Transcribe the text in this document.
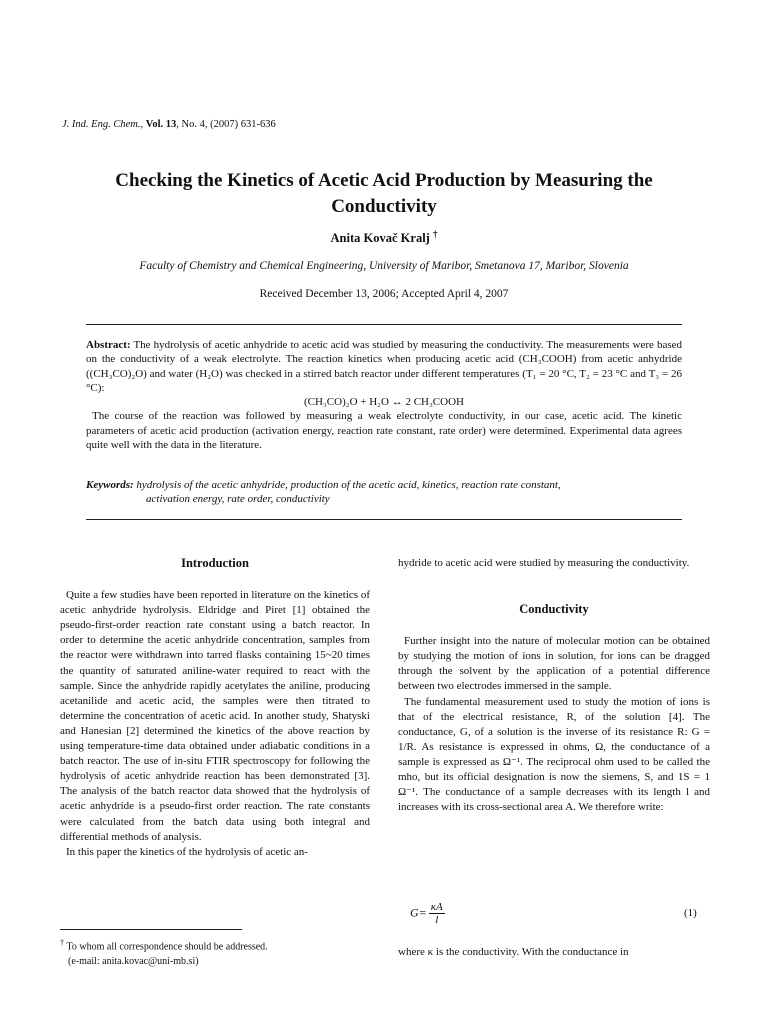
J. Ind. Eng. Chem., Vol. 13, No. 4, (2007) 631-636
Checking the Kinetics of Acetic Acid Production by Measuring the
Conductivity
Anita Kovač Kralj †
Faculty of Chemistry and Chemical Engineering, University of Maribor, Smetanova 17, Maribor, Slovenia
Received December 13, 2006; Accepted April 4, 2007

Abstract: The hydrolysis of acetic anhydride to acetic acid was studied by measuring the conductivity. The measurements were based on the conductivity of a weak electrolyte. The reaction kinetics when producing acetic acid (CH₃COOH) from acetic anhydride ((CH₃CO)₂O) and water (H₂O) was checked in a stirred batch reactor under different temperatures (T₁ = 20 °C, T₂ = 23 °C and T₃ = 26 °C):

(CH₃CO)₂O + H₂O ↔ 2 CH₃COOH

The course of the reaction was followed by measuring a weak electrolyte conductivity, in our case, acetic acid. The kinetic parameters of acetic acid production (activation energy, reaction rate constant, rate order) were determined. Experimental data agrees quite well with the data in the literature.

Keywords: hydrolysis of the acetic anhydride, production of the acetic acid, kinetics, reaction rate constant,
activation energy, rate order, conductivity
Introduction

Quite a few studies have been reported in literature on the kinetics of acetic anhydride hydrolysis. Eldridge and Piret [1] obtained the pseudo-first-order reaction rate constant using a batch reactor. In order to determine the acetic anhydride concentration, samples from the reactor were withdrawn into tarred flasks containing 15~20 times the quantity of saturated aniline-water required to react with the sample. Since the anhydride rapidly acetylates the aniline, producing acetanilide and acetic acid, the samples were then titrated to determine the concentration of acetic acid. In another study, Shatyski and Hanesian [2] determined the kinetics of the above reaction by using temperature-time data obtained under adiabatic conditions in a batch reactor. The use of in-situ FTIR spectroscopy for following the hydrolysis of acetic anhydride reaction has been demonstrated [3]. The analysis of the batch reactor data showed that the hydrolysis of acetic anhydride is a pseudo-first order reaction. The rate constants were calculated from the batch data using both integral and differential methods of analysis.

In this paper the kinetics of the hydrolysis of acetic an-

† To whom all correspondence should be addressed.
(e-mail: anita.kovac@uni-mb.si)

hydride to acetic acid were studied by measuring the conductivity.

Conductivity

Further insight into the nature of molecular motion can be obtained by studying the motion of ions in solution, for ions can be dragged through the solvent by the application of a potential difference between two electrodes immersed in the sample.

The fundamental measurement used to study the motion of ions is that of the electrical resistance, R, of the solution [4]. The conductance, G, of a solution is the inverse of its resistance R: G = 1/R. As resistance is expressed in ohms, Ω, the conductance of a sample is expressed as Ω⁻¹. The reciprocal ohm used to be called the mho, but its official designation is now the siemens, S, and 1S = 1 Ω⁻¹. The conductance of a sample decreases with its length l and increases with its cross-sectional area A. We therefore write:

$G= \frac{\kappa A}{l}$	(1)

where κ is the conductivity. With the conductance in
